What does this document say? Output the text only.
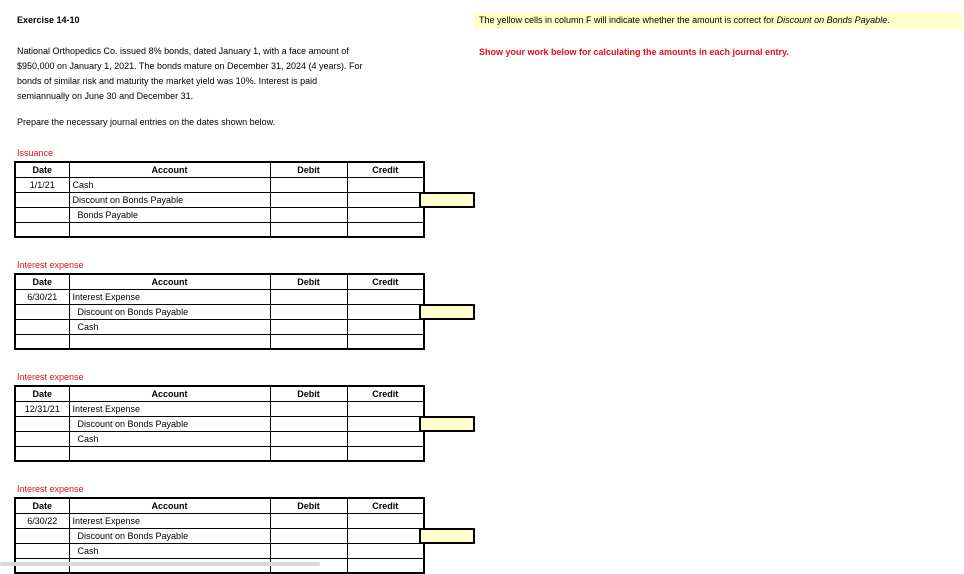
Exercise 14-10
National Orthopedics Co. issued 8% bonds, dated January 1, with a face amount of
$950,000 on January 1, 2021. The bonds mature on December 31, 2024 (4 years). For
bonds of similar risk and maturity the market yield was 10%. Interest is paid
semiannually on June 30 and December 31.
Prepare the necessary journal entries on the dates shown below.
The yellow cells in column F will indicate whether the amount is correct for Discount on Bonds Payable.
Show your work below for calculating the amounts in each journal entry.
Issuance
Date	Account	Debit	Credit
1/1/21	Cash		
	Discount on Bonds Payable		
	Bonds Payable		

Interest expense
Date	Account	Debit	Credit
6/30/21	Interest Expense		
	Discount on Bonds Payable		
	Cash		

Interest expense
Date	Account	Debit	Credit
12/31/21	Interest Expense		
	Discount on Bonds Payable		
	Cash		

Interest expense
Date	Account	Debit	Credit
6/30/22	Interest Expense		
	Discount on Bonds Payable		
	Cash		
